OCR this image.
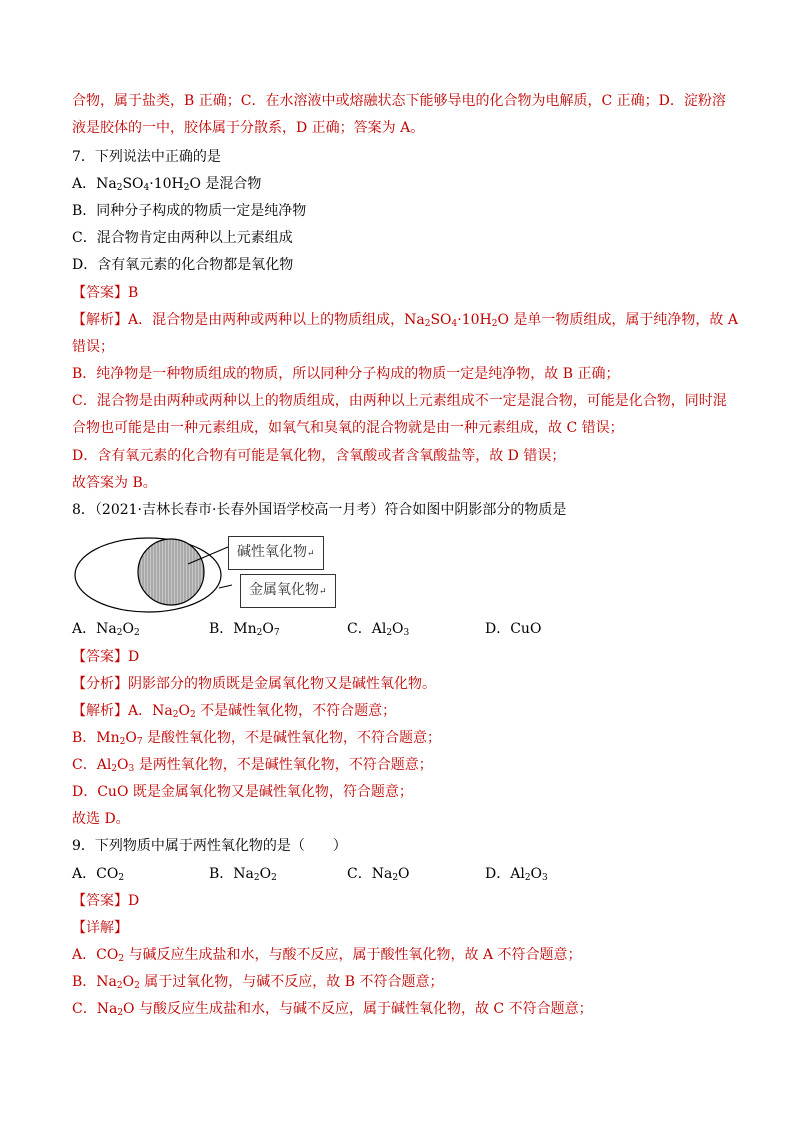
合物，属于盐类，B 正确；C．在水溶液中或熔融状态下能够导电的化合物为电解质，C 正确；D．淀粉溶
液是胶体的一中，胶体属于分散系，D 正确；答案为 A。
7．下列说法中正确的是
A．$Na_2SO_4\cdot 10H_2O$ 是混合物
B．同种分子构成的物质一定是纯净物
C．混合物肯定由两种以上元素组成
D．含有氧元素的化合物都是氧化物
【答案】B
【解析】A．混合物是由两种或两种以上的物质组成，$Na_2SO_4\cdot 10H_2O$ 是单一物质组成，属于纯净物，故 A
错误；
B．纯净物是一种物质组成的物质，所以同种分子构成的物质一定是纯净物，故 B 正确；
C．混合物是由两种或两种以上的物质组成，由两种以上元素组成不一定是混合物，可能是化合物，同时混
合物也可能是由一种元素组成，如氧气和臭氧的混合物就是由一种元素组成，故 C 错误；
D．含有氧元素的化合物有可能是氧化物，含氧酸或者含氧酸盐等，故 D 错误；
故答案为 B。
8．（2021·吉林长春市·长春外国语学校高一月考）符合如图中阴影部分的物质是
碱性氧化物↵
金属氧化物↵
A．$Na_2O_2$	B．$Mn_2O_7$	C．$Al_2O_3$	D．CuO
【答案】D
【分析】阴影部分的物质既是金属氧化物又是碱性氧化物。
【解析】A．$Na_2O_2$ 不是碱性氧化物，不符合题意；
B．$Mn_2O_7$ 是酸性氧化物，不是碱性氧化物，不符合题意；
C．$Al_2O_3$ 是两性氧化物，不是碱性氧化物，不符合题意；
D．CuO 既是金属氧化物又是碱性氧化物，符合题意；
故选 D。
9．下列物质中属于两性氧化物的是（　　）
A．$CO_2$	B．$Na_2O_2$	C．$Na_2O$	D．$Al_2O_3$
【答案】D
【详解】
A．$CO_2$ 与碱反应生成盐和水，与酸不反应，属于酸性氧化物，故 A 不符合题意；
B．$Na_2O_2$ 属于过氧化物，与碱不反应，故 B 不符合题意；
C．$Na_2O$ 与酸反应生成盐和水，与碱不反应，属于碱性氧化物，故 C 不符合题意；
